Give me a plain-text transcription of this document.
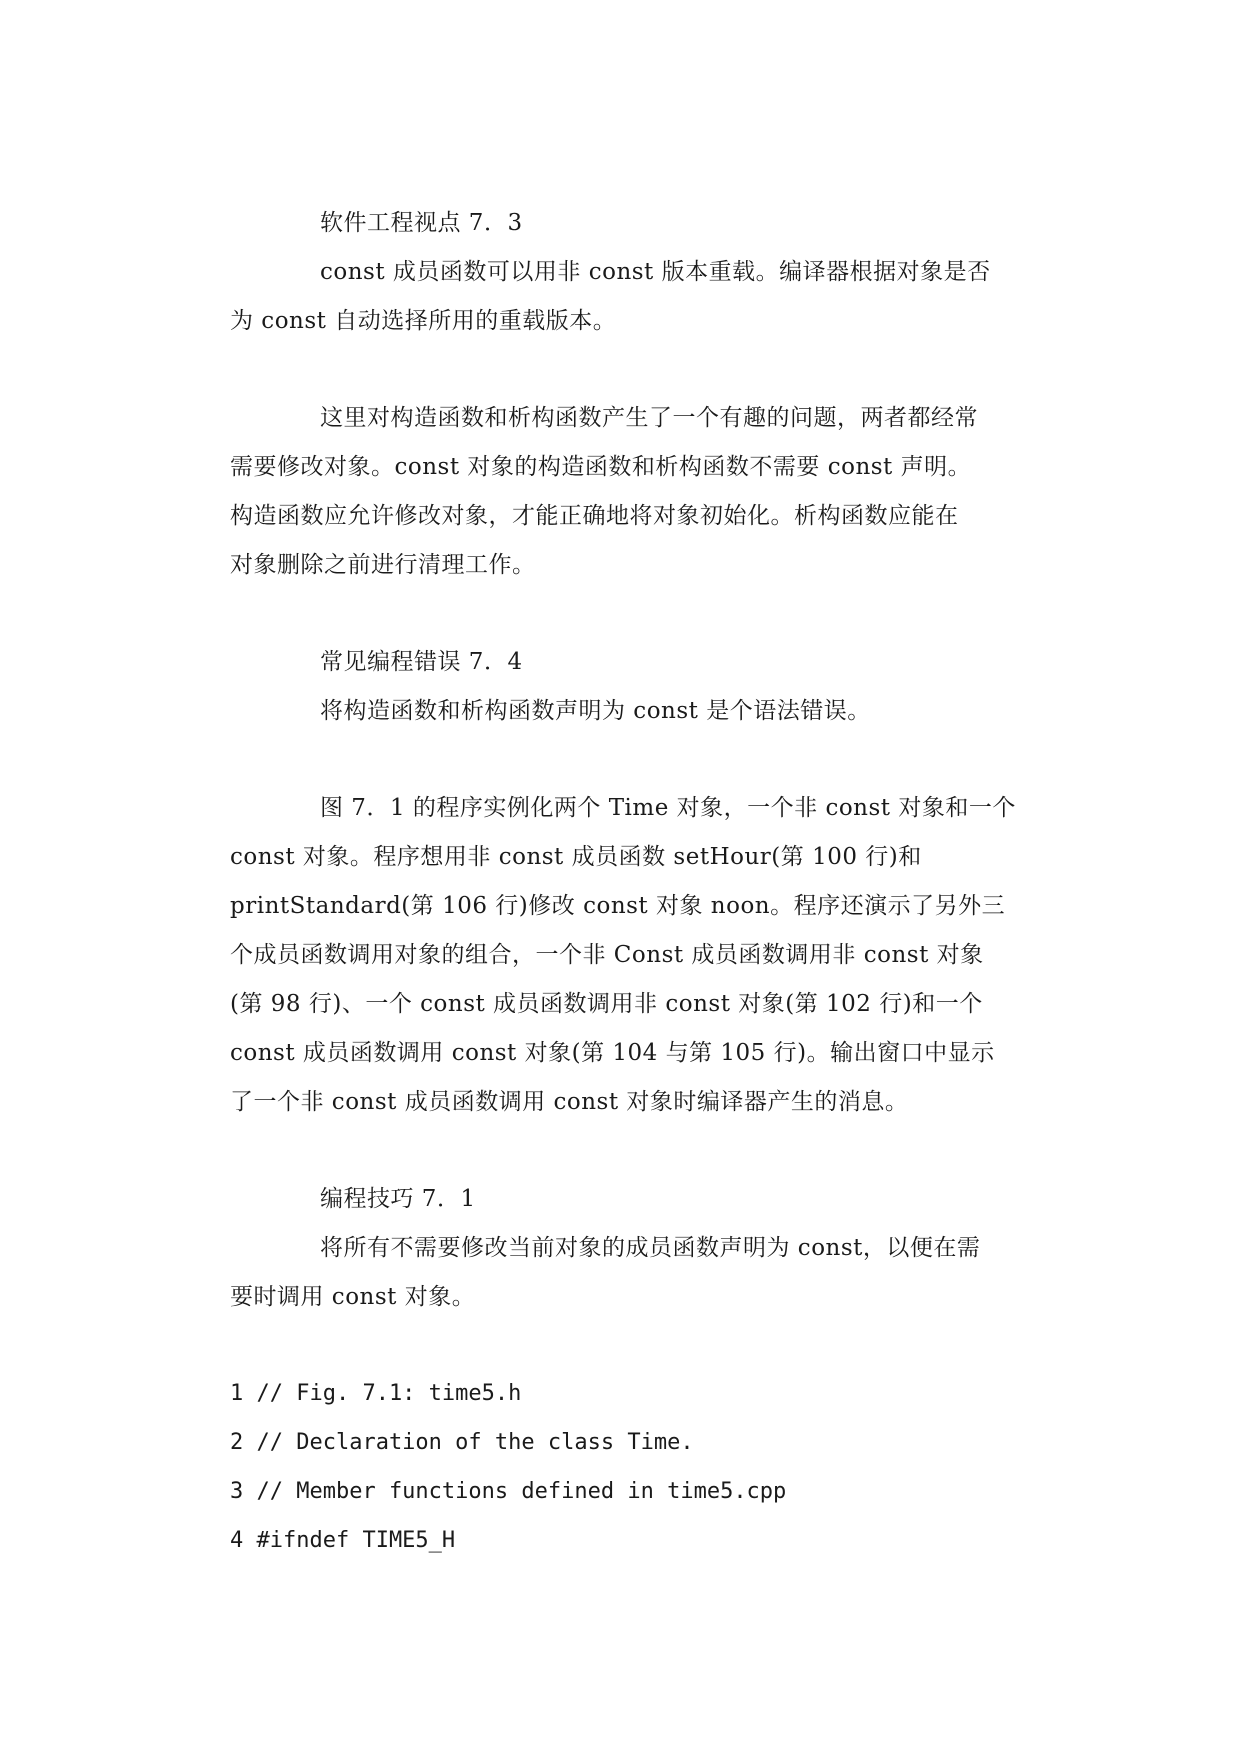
软件工程视点 7．3
const 成员函数可以用非 const 版本重载。编译器根据对象是否
为 const 自动选择所用的重载版本。
这里对构造函数和析构函数产生了一个有趣的问题，两者都经常
需要修改对象。const 对象的构造函数和析构函数不需要 const 声明。
构造函数应允许修改对象，才能正确地将对象初始化。析构函数应能在
对象删除之前进行清理工作。
常见编程错误 7．4
将构造函数和析构函数声明为 const 是个语法错误。
图 7．1 的程序实例化两个 Time 对象，一个非 const 对象和一个
const 对象。程序想用非 const 成员函数 setHour(第 100 行)和
printStandard(第 106 行)修改 const 对象 noon。程序还演示了另外三
个成员函数调用对象的组合，一个非 Const 成员函数调用非 const 对象
(第 98 行)、一个 const 成员函数调用非 const 对象(第 102 行)和一个
const 成员函数调用 const 对象(第 104 与第 105 行)。输出窗口中显示
了一个非 const 成员函数调用 const 对象时编译器产生的消息。
编程技巧 7．1
将所有不需要修改当前对象的成员函数声明为 const，以便在需
要时调用 const 对象。
1 // Fig. 7.1: time5.h
2 // Declaration of the class Time.
3 // Member functions defined in time5.cpp
4 #ifndef TIME5_H
